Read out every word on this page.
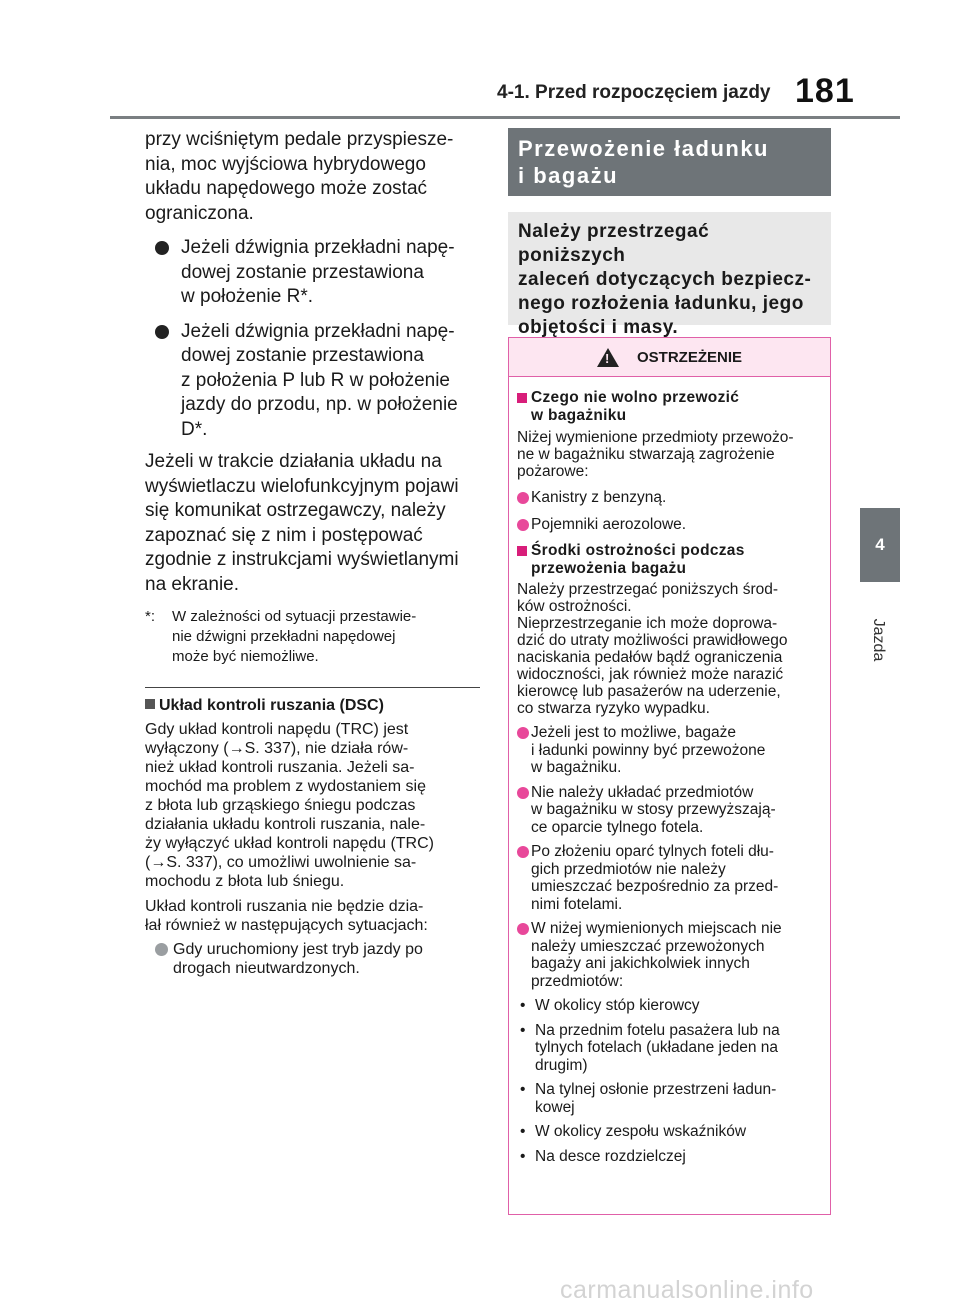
4-1. Przed rozpoczęciem jazdy 181
4
Jazda

przy wciśniętym pedale przyspiesze-
nia, moc wyjściowa hybrydowego
układu napędowego może zostać
ograniczona.

Jeżeli dźwignia przekładni napę-
dowej zostanie przestawiona
w położenie R*.
Jeżeli dźwignia przekładni napę-
dowej zostanie przestawiona
z położenia P lub R w położenie
jazdy do przodu, np. w położenie
D*.

Jeżeli w trakcie działania układu na
wyświetlaczu wielofunkcyjnym pojawi
się komunikat ostrzegawczy, należy
zapoznać się z nim i postępować
zgodnie z instrukcjami wyświetlanymi
na ekranie.

*: W zależności od sytuacji przestawie-
nie dźwigni przekładni napędowej
może być niemożliwe.

Układ kontroli ruszania (DSC)

Gdy układ kontroli napędu (TRC) jest
wyłączony (→S. 337), nie działa rów-
nież układ kontroli ruszania. Jeżeli sa-
mochód ma problem z wydostaniem się
z błota lub grząskiego śniegu podczas
działania układu kontroli ruszania, nale-
ży wyłączyć układ kontroli napędu (TRC)
(→S. 337), co umożliwi uwolnienie sa-
mochodu z błota lub śniegu.

Układ kontroli ruszania nie będzie dzia-
łał również w następujących sytuacjach:

Gdy uruchomiony jest tryb jazdy po
drogach nieutwardzonych.
Przewożenie ładunku
i bagażu
Należy przestrzegać poniższych
zaleceń dotyczących bezpiecz-
nego rozłożenia ładunku, jego
objętości i masy.
!
OSTRZEŻENIE

Czego nie wolno przewozić
w bagażniku

Niżej wymienione przedmioty przewożo-
ne w bagażniku stwarzają zagrożenie
pożarowe:

Kanistry z benzyną.

Pojemniki aerozolowe.

Środki ostrożności podczas
przewożenia bagażu

Należy przestrzegać poniższych środ-
ków ostrożności.
Nieprzestrzeganie ich może doprowa-
dzić do utraty możliwości prawidłowego
naciskania pedałów bądź ograniczenia
widoczności, jak również może narazić
kierowcę lub pasażerów na uderzenie,
co stwarza ryzyko wypadku.

Jeżeli jest to możliwe, bagaże
i ładunki powinny być przewożone
w bagażniku.

Nie należy układać przedmiotów
w bagażniku w stosy przewyższają-
ce oparcie tylnego fotela.

Po złożeniu oparć tylnych foteli dłu-
gich przedmiotów nie należy
umieszczać bezpośrednio za przed-
nimi fotelami.

W niżej wymienionych miejscach nie
należy umieszczać przewożonych
bagaży ani jakichkolwiek innych
przedmiotów:

• W okolicy stóp kierowcy

• Na przednim fotelu pasażera lub na
tylnych fotelach (układane jeden na
drugim)

• Na tylnej osłonie przestrzeni ładun-
kowej

• W okolicy zespołu wskaźników

• Na desce rozdzielczej

carmanualsonline.info
